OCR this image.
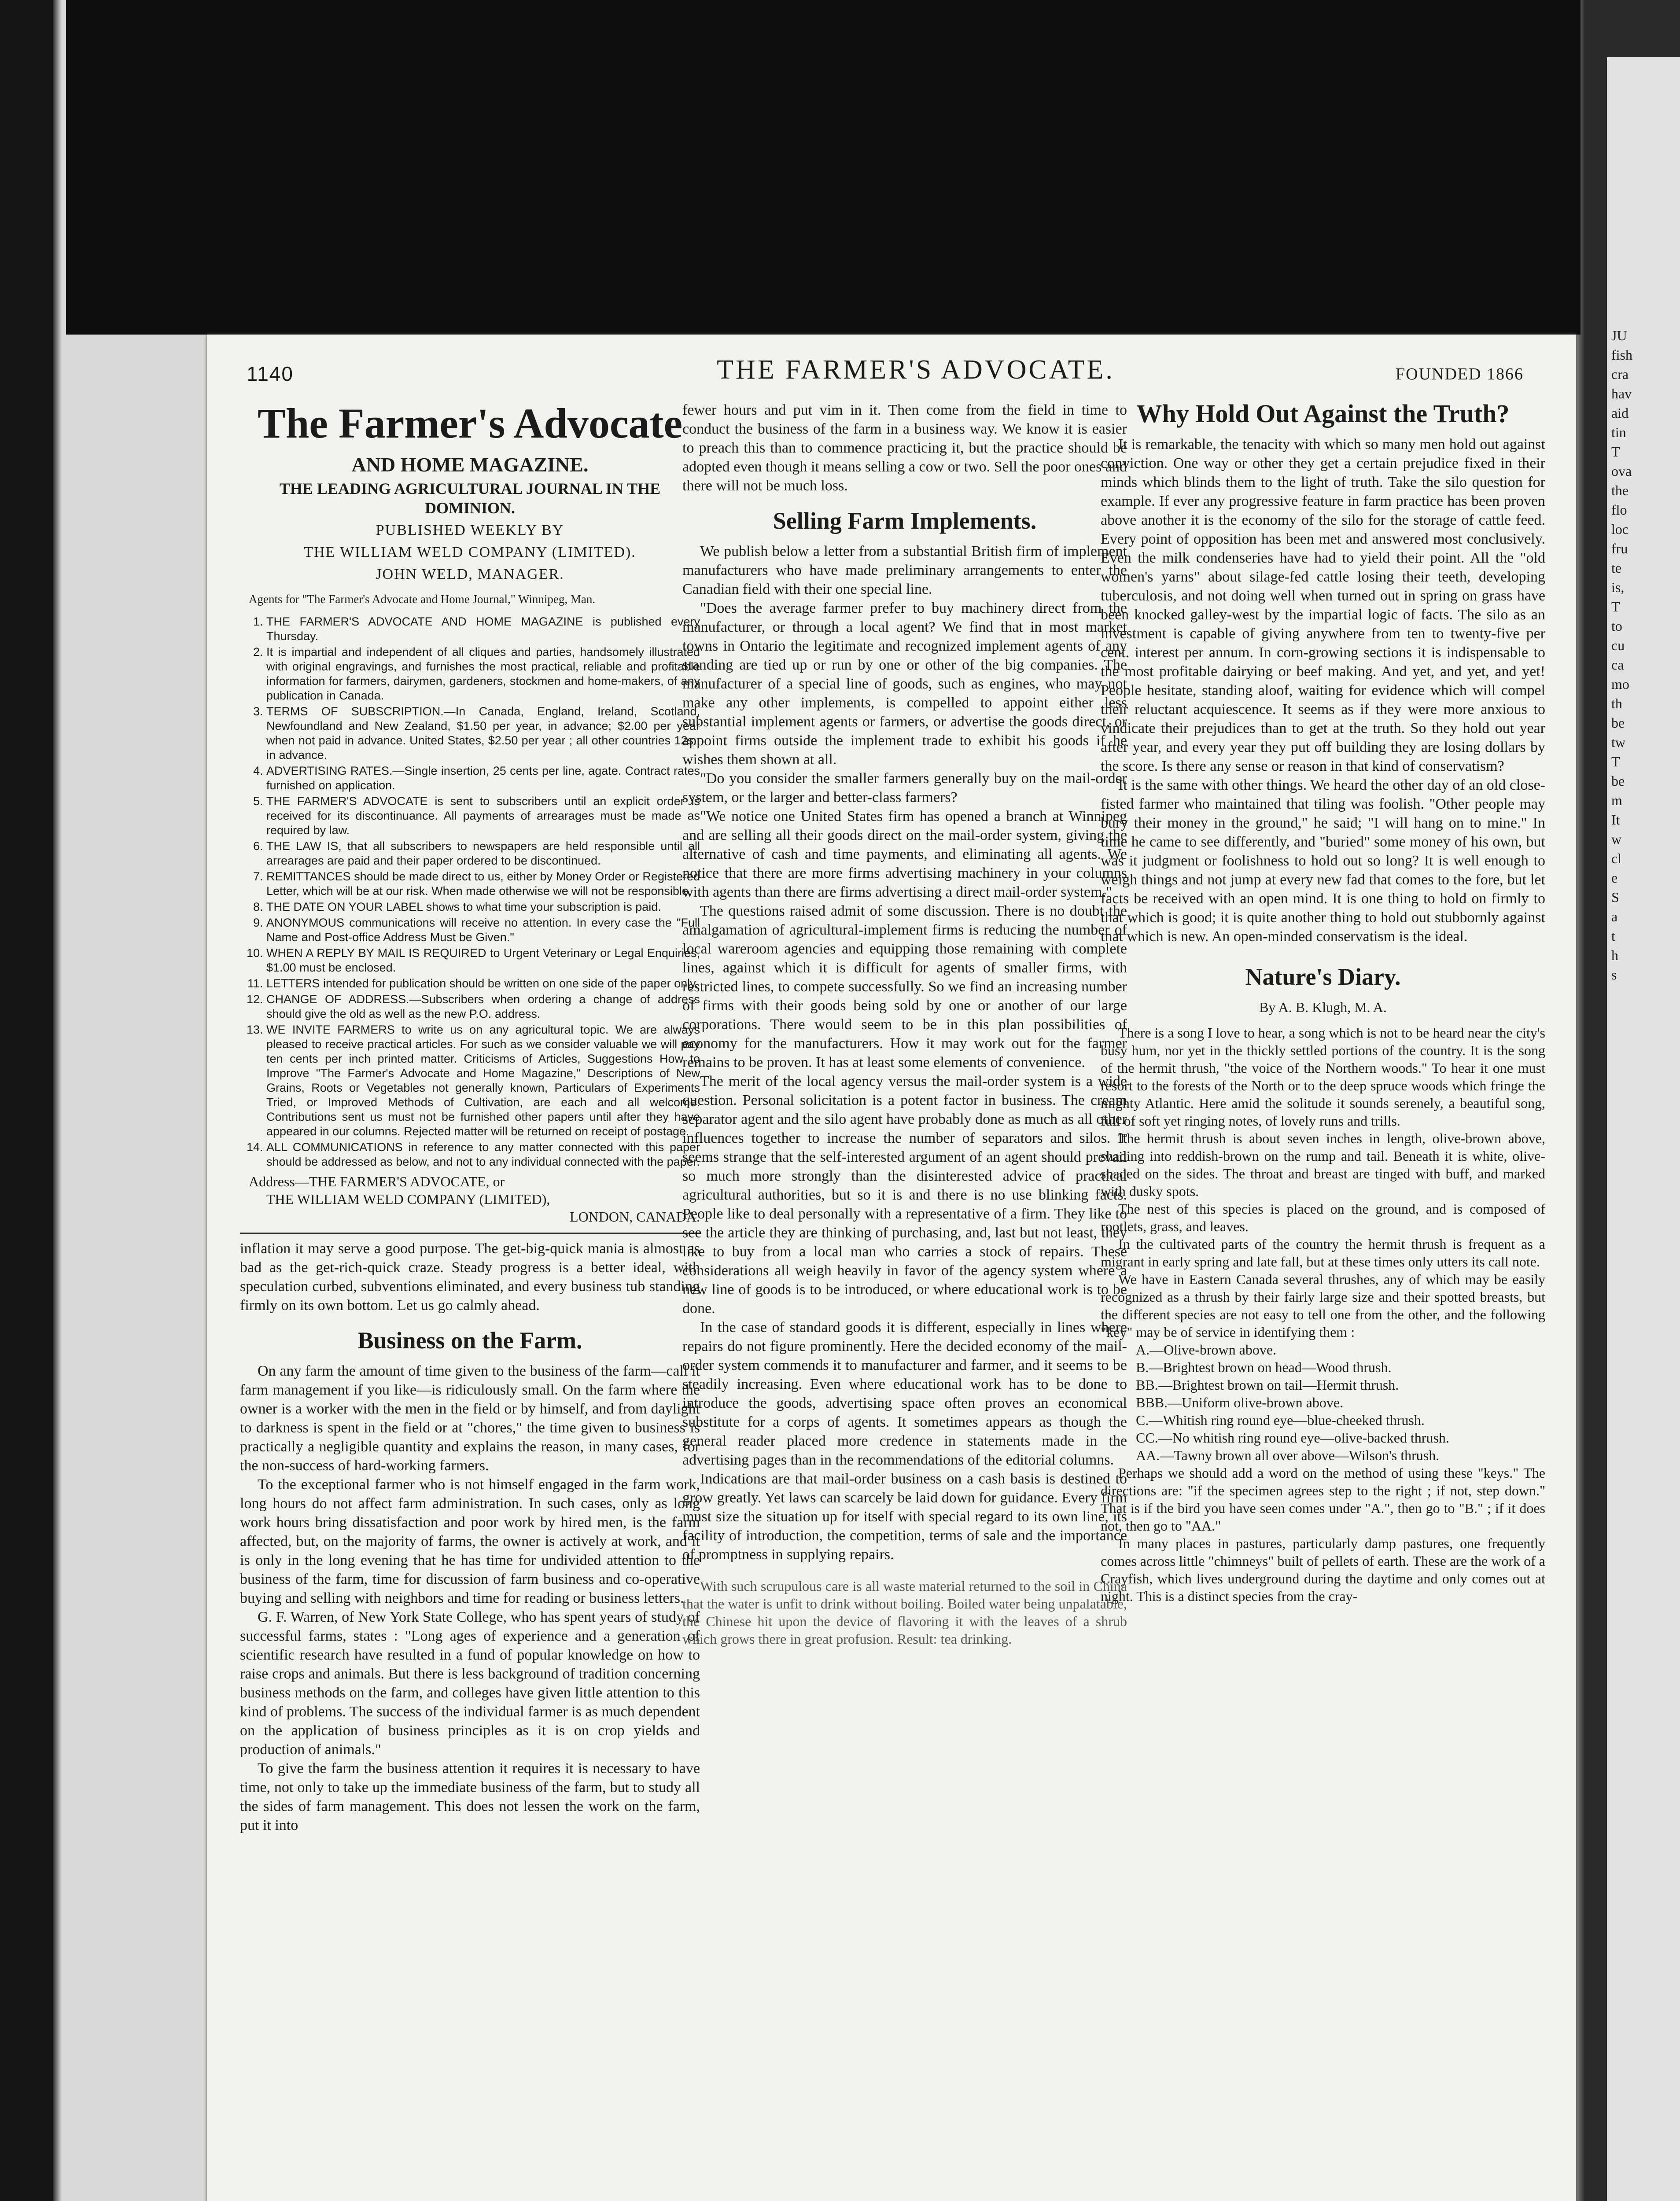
JU
fish
cra
hav
aid
tin
T
ova
the
flo
loc
fru
te
is,
T
to
cu
ca
mo
th
be
tw
T
be
m
It
w
cl
e
S
a
t
h
s
1140	THE FARMER'S ADVOCATE.	FOUNDED 1866
The Farmer's Advocate
AND HOME MAGAZINE.
THE LEADING AGRICULTURAL JOURNAL IN THE DOMINION.
PUBLISHED WEEKLY BY
THE WILLIAM WELD COMPANY (LIMITED).
JOHN WELD, MANAGER.
Agents for "The Farmer's Advocate and Home Journal," Winnipeg, Man.
1. THE FARMER'S ADVOCATE AND HOME MAGAZINE is published every Thursday.
2. It is impartial and independent of all cliques and parties, handsomely illustrated with original engravings, and furnishes the most practical, reliable and profitable information for farmers, dairymen, gardeners, stockmen and home-makers, of any publication in Canada.
3. TERMS OF SUBSCRIPTION.—In Canada, England, Ireland, Scotland, Newfoundland and New Zealand, $1.50 per year, in advance; $2.00 per year when not paid in advance. United States, $2.50 per year ; all other countries 12s.; in advance.
4. ADVERTISING RATES.—Single insertion, 25 cents per line, agate. Contract rates furnished on application.
5. THE FARMER'S ADVOCATE is sent to subscribers until an explicit order is received for its discontinuance. All payments of arrearages must be made as required by law.
6. THE LAW IS, that all subscribers to newspapers are held responsible until all arrearages are paid and their paper ordered to be discontinued.
7. REMITTANCES should be made direct to us, either by Money Order or Registered Letter, which will be at our risk. When made otherwise we will not be responsible.
8. THE DATE ON YOUR LABEL shows to what time your subscription is paid.
9. ANONYMOUS communications will receive no attention. In every case the "Full Name and Post-office Address Must be Given."
10. WHEN A REPLY BY MAIL IS REQUIRED to Urgent Veterinary or Legal Enquiries, $1.00 must be enclosed.
11. LETTERS intended for publication should be written on one side of the paper only.
12. CHANGE OF ADDRESS.—Subscribers when ordering a change of address should give the old as well as the new P.O. address.
13. WE INVITE FARMERS to write us on any agricultural topic. We are always pleased to receive practical articles. For such as we consider valuable we will pay ten cents per inch printed matter. Criticisms of Articles, Suggestions How to Improve "The Farmer's Advocate and Home Magazine," Descriptions of New Grains, Roots or Vegetables not generally known, Particulars of Experiments Tried, or Improved Methods of Cultivation, are each and all welcome. Contributions sent us must not be furnished other papers until after they have appeared in our columns. Rejected matter will be returned on receipt of postage.
14. ALL COMMUNICATIONS in reference to any matter connected with this paper should be addressed as below, and not to any individual connected with the paper.
Address—THE FARMER'S ADVOCATE, or
THE WILLIAM WELD COMPANY (LIMITED),
LONDON, CANADA.

inflation it may serve a good purpose. The get-big-quick mania is almost as bad as the get-rich-quick craze. Steady progress is a better ideal, with speculation curbed, subventions eliminated, and every business tub standing firmly on its own bottom. Let us go calmly ahead.

Business on the Farm.

On any farm the amount of time given to the business of the farm—call it farm management if you like—is ridiculously small. On the farm where the owner is a worker with the men in the field or by himself, and from daylight to darkness is spent in the field or at "chores," the time given to business is practically a negligible quantity and explains the reason, in many cases, for the non-success of hard-working farmers.

To the exceptional farmer who is not himself engaged in the farm work, long hours do not affect farm administration. In such cases, only as long work hours bring dissatisfaction and poor work by hired men, is the farm affected, but, on the majority of farms, the owner is actively at work, and it is only in the long evening that he has time for undivided attention to the business of the farm, time for discussion of farm business and co-operative buying and selling with neighbors and time for reading or business letters.

G. F. Warren, of New York State College, who has spent years of study of successful farms, states : "Long ages of experience and a generation of scientific research have resulted in a fund of popular knowledge on how to raise crops and animals. But there is less background of tradition concerning business methods on the farm, and colleges have given little attention to this kind of problems. The success of the individual farmer is as much dependent on the application of business principles as it is on crop yields and production of animals."

To give the farm the business attention it requires it is necessary to have time, not only to take up the immediate business of the farm, but to study all the sides of farm management. This does not lessen the work on the farm, put it into

fewer hours and put vim in it. Then come from the field in time to conduct the business of the farm in a business way. We know it is easier to preach this than to commence practicing it, but the practice should be adopted even though it means selling a cow or two. Sell the poor ones and there will not be much loss.

Selling Farm Implements.

We publish below a letter from a substantial British firm of implement manufacturers who have made preliminary arrangements to enter the Canadian field with their one special line.

"Does the average farmer prefer to buy machinery direct from the manufacturer, or through a local agent? We find that in most market towns in Ontario the legitimate and recognized implement agents of any standing are tied up or run by one or other of the big companies. The manufacturer of a special line of goods, such as engines, who may not make any other implements, is compelled to appoint either less substantial implement agents or farmers, or advertise the goods direct, or appoint firms outside the implement trade to exhibit his goods if he wishes them shown at all.

"Do you consider the smaller farmers generally buy on the mail-order system, or the larger and better-class farmers?

"We notice one United States firm has opened a branch at Winnipeg and are selling all their goods direct on the mail-order system, giving the alternative of cash and time payments, and eliminating all agents. We notice that there are more firms advertising machinery in your columns with agents than there are firms advertising a direct mail-order system."

The questions raised admit of some discussion. There is no doubt the amalgamation of agricultural-implement firms is reducing the number of local wareroom agencies and equipping those remaining with complete lines, against which it is difficult for agents of smaller firms, with restricted lines, to compete successfully. So we find an increasing number of firms with their goods being sold by one or another of our large corporations. There would seem to be in this plan possibilities of economy for the manufacturers. How it may work out for the farmer remains to be proven. It has at least some elements of convenience.

The merit of the local agency versus the mail-order system is a wide question. Personal solicitation is a potent factor in business. The cream separator agent and the silo agent have probably done as much as all other influences together to increase the number of separators and silos. It seems strange that the self-interested argument of an agent should prevail so much more strongly than the disinterested advice of practical agricultural authorities, but so it is and there is no use blinking facts. People like to deal personally with a representative of a firm. They like to see the article they are thinking of purchasing, and, last but not least, they like to buy from a local man who carries a stock of repairs. These considerations all weigh heavily in favor of the agency system where a new line of goods is to be introduced, or where educational work is to be done.

In the case of standard goods it is different, especially in lines where repairs do not figure prominently. Here the decided economy of the mail-order system commends it to manufacturer and farmer, and it seems to be steadily increasing. Even where educational work has to be done to introduce the goods, advertising space often proves an economical substitute for a corps of agents. It sometimes appears as though the general reader placed more credence in statements made in the advertising pages than in the recommendations of the editorial columns.

Indications are that mail-order business on a cash basis is destined to grow greatly. Yet laws can scarcely be laid down for guidance. Every firm must size the situation up for itself with special regard to its own line, its facility of introduction, the competition, terms of sale and the importance of promptness in supplying repairs.

With such scrupulous care is all waste material returned to the soil in China that the water is unfit to drink without boiling. Boiled water being unpalatable, the Chinese hit upon the device of flavoring it with the leaves of a shrub which grows there in great profusion. Result: tea drinking.

Why Hold Out Against the Truth?

It is remarkable, the tenacity with which so many men hold out against conviction. One way or other they get a certain prejudice fixed in their minds which blinds them to the light of truth. Take the silo question for example. If ever any progressive feature in farm practice has been proven above another it is the economy of the silo for the storage of cattle feed. Every point of opposition has been met and answered most conclusively. Even the milk condenseries have had to yield their point. All the "old women's yarns" about silage-fed cattle losing their teeth, developing tuberculosis, and not doing well when turned out in spring on grass have been knocked galley-west by the impartial logic of facts. The silo as an investment is capable of giving anywhere from ten to twenty-five per cent. interest per annum. In corn-growing sections it is indispensable to the most profitable dairying or beef making. And yet, and yet, and yet! People hesitate, standing aloof, waiting for evidence which will compel their reluctant acquiescence. It seems as if they were more anxious to vindicate their prejudices than to get at the truth. So they hold out year after year, and every year they put off building they are losing dollars by the score. Is there any sense or reason in that kind of conservatism?

It is the same with other things. We heard the other day of an old close-fisted farmer who maintained that tiling was foolish. "Other people may bury their money in the ground," he said; "I will hang on to mine." In time he came to see differently, and "buried" some money of his own, but was it judgment or foolishness to hold out so long? It is well enough to weigh things and not jump at every new fad that comes to the fore, but let facts be received with an open mind. It is one thing to hold on firmly to that which is good; it is quite another thing to hold out stubbornly against that which is new. An open-minded conservatism is the ideal.

Nature's Diary.
By A. B. Klugh, M. A.

There is a song I love to hear, a song which is not to be heard near the city's busy hum, nor yet in the thickly settled portions of the country. It is the song of the hermit thrush, "the voice of the Northern woods." To hear it one must resort to the forests of the North or to the deep spruce woods which fringe the mighty Atlantic. Here amid the solitude it sounds serenely, a beautiful song, full of soft yet ringing notes, of lovely runs and trills.

The hermit thrush is about seven inches in length, olive-brown above, shading into reddish-brown on the rump and tail. Beneath it is white, olive-shaded on the sides. The throat and breast are tinged with buff, and marked with dusky spots.

The nest of this species is placed on the ground, and is composed of rootlets, grass, and leaves.

In the cultivated parts of the country the hermit thrush is frequent as a migrant in early spring and late fall, but at these times only utters its call note.

We have in Eastern Canada several thrushes, any of which may be easily recognized as a thrush by their fairly large size and their spotted breasts, but the different species are not easy to tell one from the other, and the following "key" may be of service in identifying them :

A.—Olive-brown above.

B.—Brightest brown on head—Wood thrush.

BB.—Brightest brown on tail—Hermit thrush.

BBB.—Uniform olive-brown above.

C.—Whitish ring round eye—blue-cheeked thrush.

CC.—No whitish ring round eye—olive-backed thrush.

AA.—Tawny brown all over above—Wilson's thrush.

Perhaps we should add a word on the method of using these "keys." The directions are: "if the specimen agrees step to the right ; if not, step down." That is if the bird you have seen comes under "A.", then go to "B." ; if it does not, then go to "AA."

In many places in pastures, particularly damp pastures, one frequently comes across little "chimneys" built of pellets of earth. These are the work of a Crayfish, which lives underground during the daytime and only comes out at night. This is a distinct species from the cray-
